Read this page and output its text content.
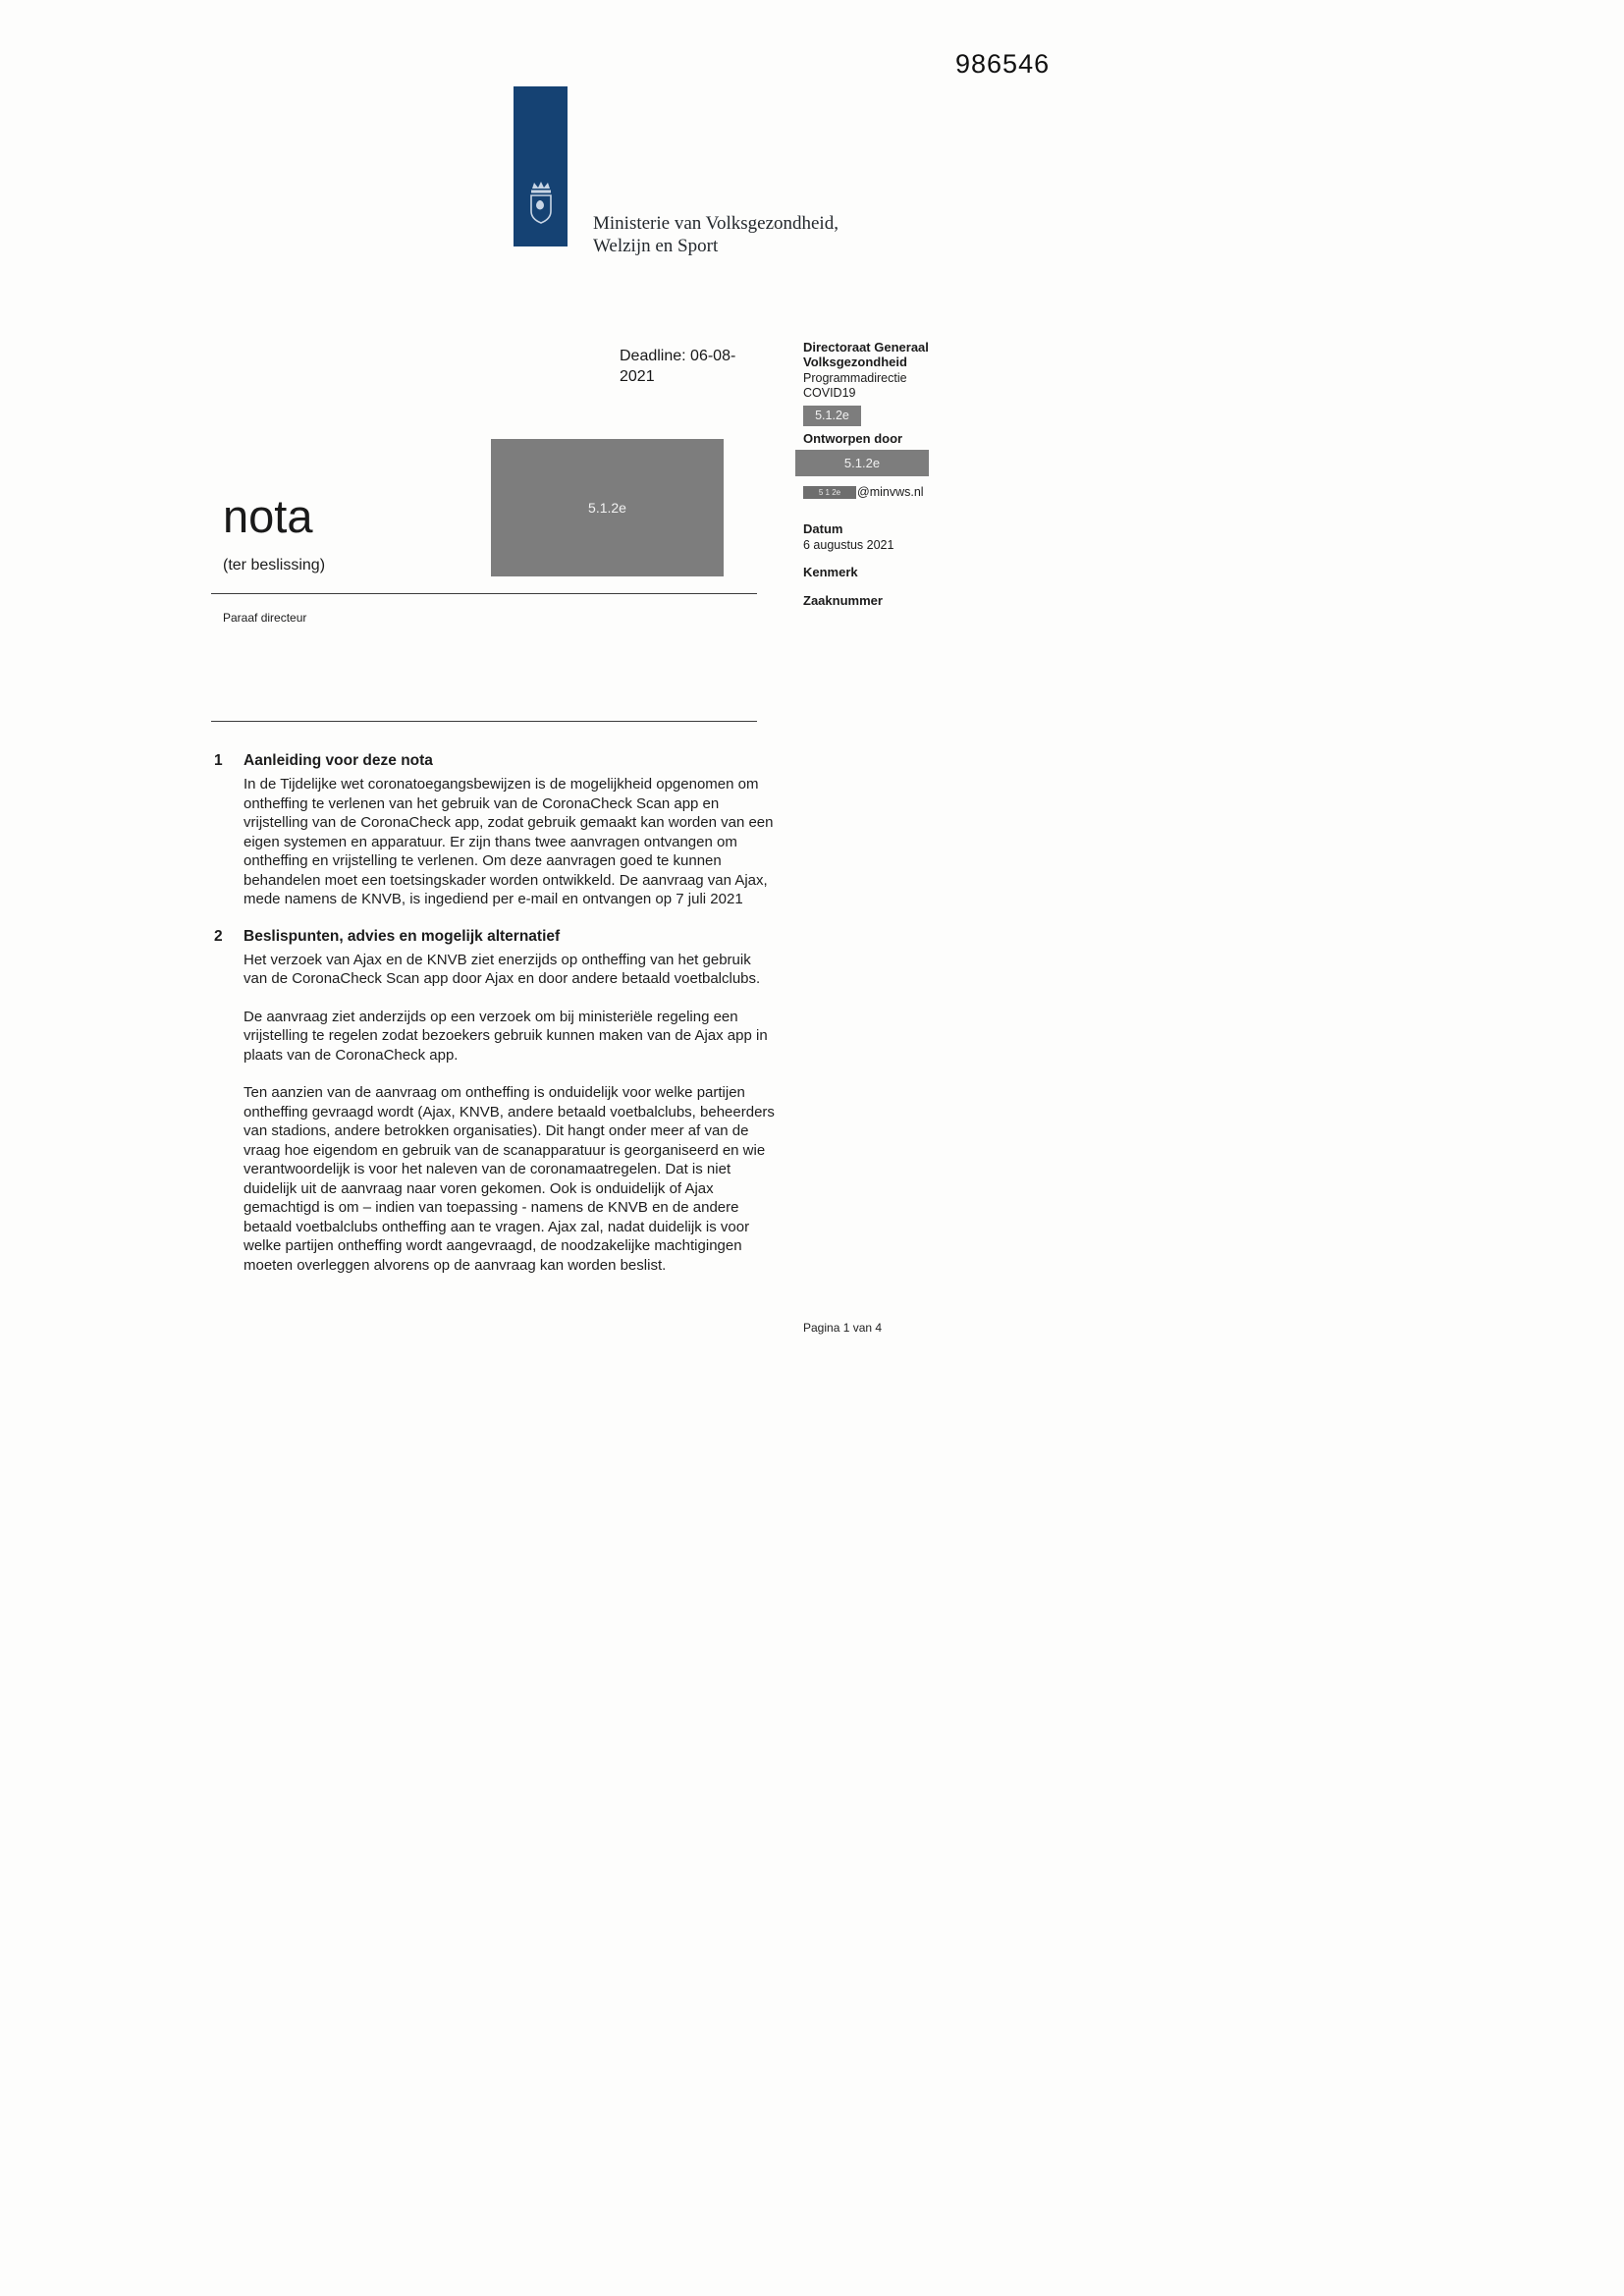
986546
Ministerie van Volksgezondheid,
Welzijn en Sport
Deadline: 06-08-
2021
Directoraat Generaal
Volksgezondheid
Programmadirectie
COVID19
5.1.2e
Ontworpen door
5.1.2e
5 1 2e	@minvws.nl
Datum
6 augustus 2021
Kenmerk
Zaaknummer
nota
(ter beslissing)
Paraaf directeur
5.1.2e
1	Aanleiding voor deze nota

In de Tijdelijke wet coronatoegangsbewijzen is de mogelijkheid opgenomen om ontheffing te verlenen van het gebruik van de CoronaCheck Scan app en vrijstelling van de CoronaCheck app, zodat gebruik gemaakt kan worden van een eigen systemen en apparatuur. Er zijn thans twee aanvragen ontvangen om ontheffing en vrijstelling te verlenen. Om deze aanvragen goed te kunnen behandelen moet een toetsingskader worden ontwikkeld. De aanvraag van Ajax, mede namens de KNVB, is ingediend per e-mail en ontvangen op 7 juli 2021

2	Beslispunten, advies en mogelijk alternatief

Het verzoek van Ajax en de KNVB ziet enerzijds op ontheffing van het gebruik van de CoronaCheck Scan app door Ajax en door andere betaald voetbalclubs.

De aanvraag ziet anderzijds op een verzoek om bij ministeriële regeling een vrijstelling te regelen zodat bezoekers gebruik kunnen maken van de Ajax app in plaats van de CoronaCheck app.

Ten aanzien van de aanvraag om ontheffing is onduidelijk voor welke partijen ontheffing gevraagd wordt (Ajax, KNVB, andere betaald voetbalclubs, beheerders van stadions, andere betrokken organisaties). Dit hangt onder meer af van de vraag hoe eigendom en gebruik van de scanapparatuur is georganiseerd en wie verantwoordelijk is voor het naleven van de coronamaatregelen. Dat is niet duidelijk uit de aanvraag naar voren gekomen. Ook is onduidelijk of Ajax gemachtigd is om – indien van toepassing - namens de KNVB en de andere betaald voetbalclubs ontheffing aan te vragen. Ajax zal, nadat duidelijk is voor welke partijen ontheffing wordt aangevraagd, de noodzakelijke machtigingen moeten overleggen alvorens op de aanvraag kan worden beslist.

Pagina 1 van 4
